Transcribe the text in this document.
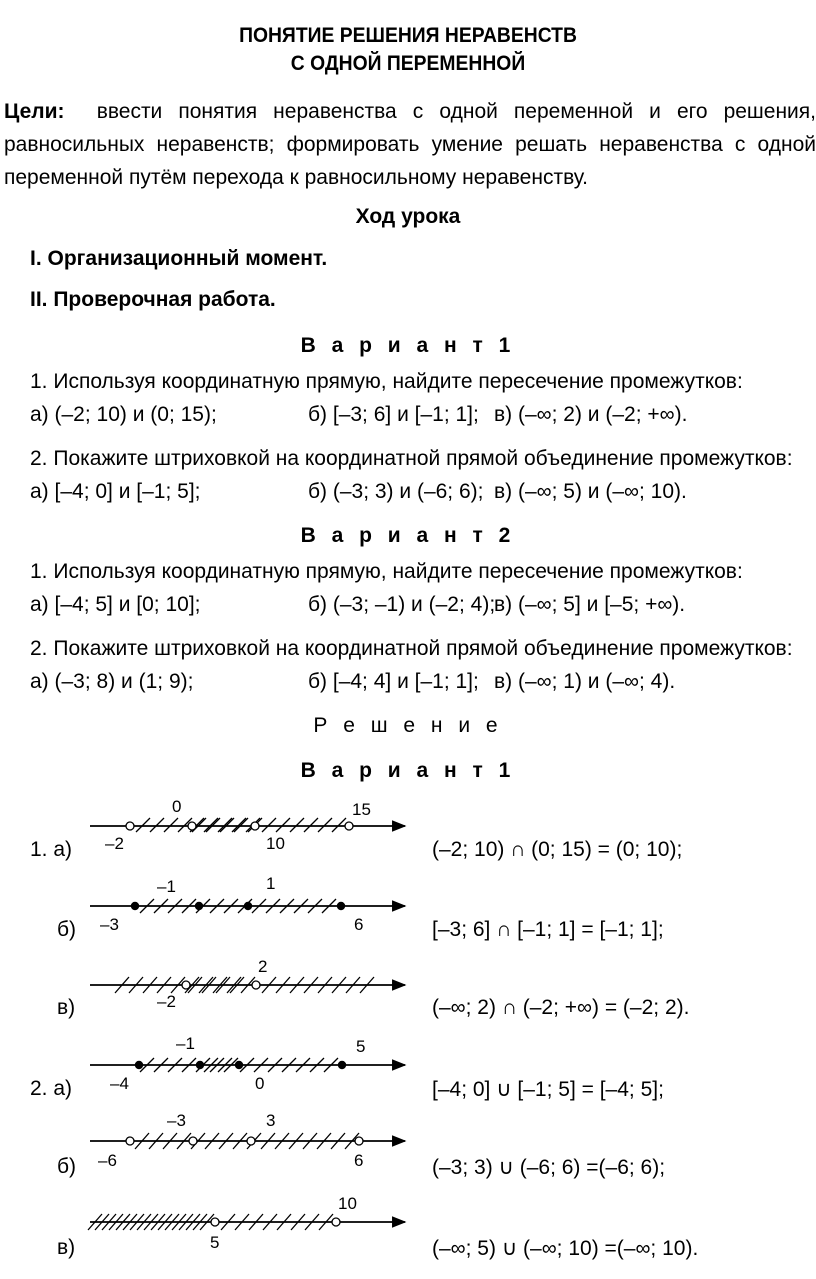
ПОНЯТИЕ РЕШЕНИЯ НЕРАВЕНСТВ
С ОДНОЙ ПЕРЕМЕННОЙ
Цели: ввести понятия неравенства с одной переменной и его решения,
равносильных неравенств; формировать умение решать неравенства с одной
переменной путём перехода к равносильному неравенству.
Ход урока
I. Организационный момент.
II. Проверочная работа.
В а р и а н т 1
1. Используя координатную прямую, найдите пересечение промежутков:
а) (–2; 10) и (0; 15);	б) [–3; 6] и [–1; 1]; в) (–∞; 2) и (–2; +∞).
2. Покажите штриховкой на координатной прямой объединение промежутков:
а) [–4; 0] и [–1; 5];	б) (–3; 3) и (–6; 6); в) (–∞; 5) и (–∞; 10).
В а р и а н т 2
1. Используя координатную прямую, найдите пересечение промежутков:
а) [–4; 5] и [0; 10];	б) (–3; –1) и (–2; 4);
в) (–∞; 5] и [–5; +∞).
2. Покажите штриховкой на координатной прямой объединение промежутков:
а) (–3; 8) и (1; 9);	б) [–4; 4] и [–1; 1]; в) (–∞; 1) и (–∞; 4).
Р е ш е н и е
В а р и а н т 1
1. а)	(–2; 10) ∩ (0; 15) = (0; 10);
б)	[–3; 6] ∩ [–1; 1] = [–1; 1];
в)	(–∞; 2) ∩ (–2; +∞) = (–2; 2).
2. а)	[–4; 0] ∪ [–1; 5] = [–4; 5];
б)	(–3; 3) ∪ (–6; 6) =(–6; 6);
в)	(–∞; 5) ∪ (–∞; 10) =(–∞; 10).
0	15
–2	10
–1	1
–3	6
2
–2
–1	5
–4	0
–3	3
–6	6
10
5
